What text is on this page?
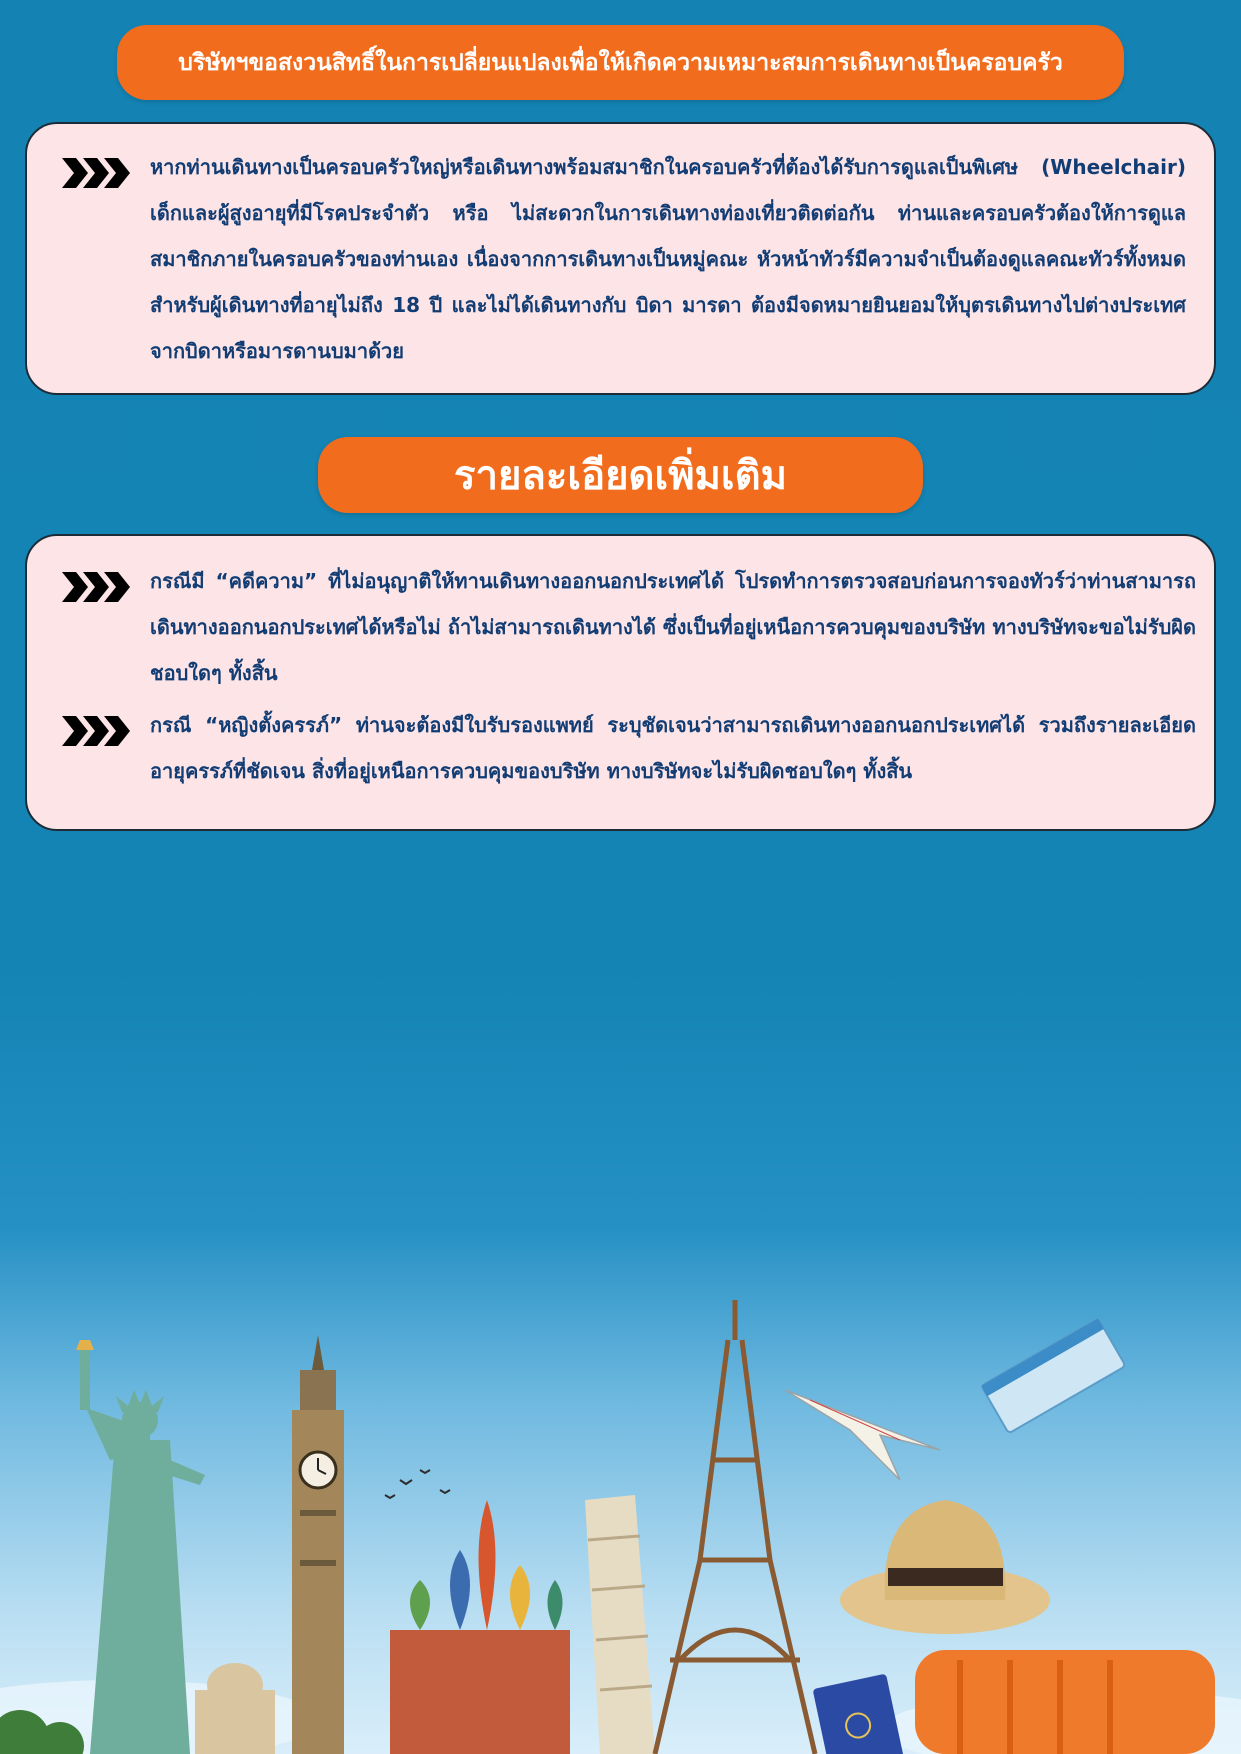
บริษัทฯขอสงวนสิทธิ์ในการเปลี่ยนแปลงเพื่อให้เกิดความเหมาะสมการเดินทางเป็นครอบครัว
หากท่านเดินทางเป็นครอบครัวใหญ่หรือเดินทางพร้อมสมาชิกในครอบครัวที่ต้องได้รับการดูแลเป็นพิเศษ (Wheelchair) เด็กและผู้สูงอายุที่มีโรคประจำตัว หรือ ไม่สะดวกในการเดินทางท่องเที่ยวติดต่อกัน ท่านและครอบครัวต้องให้การดูแลสมาชิกภายในครอบครัวของท่านเอง เนื่องจากการเดินทางเป็นหมู่คณะ หัวหน้าทัวร์มีความจำเป็นต้องดูแลคณะทัวร์ทั้งหมด สำหรับผู้เดินทางที่อายุไม่ถึง 18 ปี และไม่ได้เดินทางกับ บิดา มารดา ต้องมีจดหมายยินยอมให้บุตรเดินทางไปต่างประเทศจากบิดาหรือมารดานบมาด้วย
รายละเอียดเพิ่มเติม
กรณีมี “คดีความ” ที่ไม่อนุญาติให้ทานเดินทางออกนอกประเทศได้ โปรดทำการตรวจสอบก่อนการจองทัวร์ว่าท่านสามารถเดินทางออกนอกประเทศได้หรือไม่ ถ้าไม่สามารถเดินทางได้ ซึ่งเป็นที่อยู่เหนือการควบคุมของบริษัท ทางบริษัทจะขอไม่รับผิดชอบใดๆ ทั้งสิ้น
กรณี “หญิงตั้งครรภ์” ท่านจะต้องมีใบรับรองแพทย์ ระบุชัดเจนว่าสามารถเดินทางออกนอกประเทศได้ รวมถึงรายละเอียดอายุครรภ์ที่ชัดเจน สิ่งที่อยู่เหนือการควบคุมของบริษัท ทางบริษัทจะไม่รับผิดชอบใดๆ ทั้งสิ้น
